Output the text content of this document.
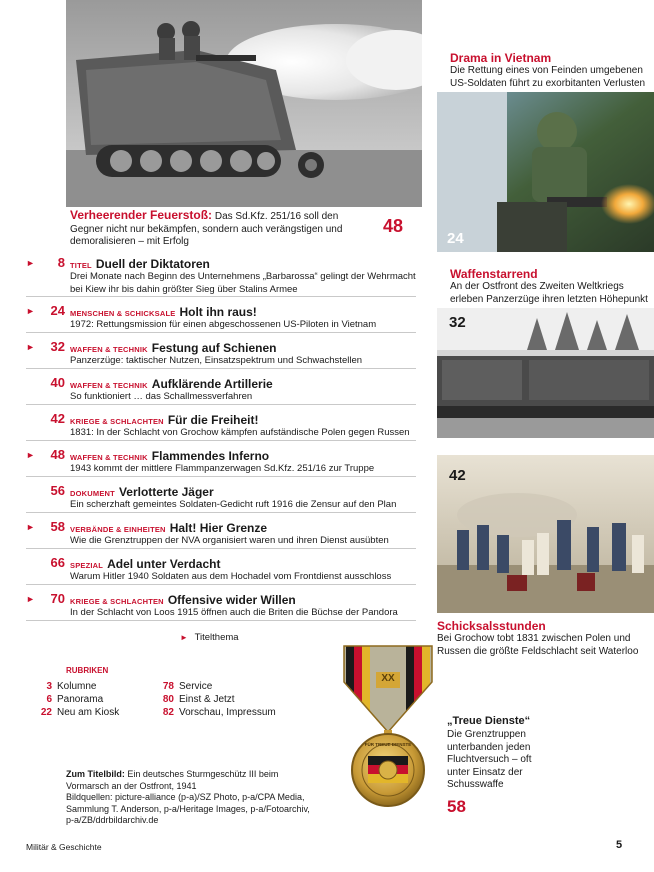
Verheerender Feuerstoß: Das Sd.Kfz. 251/16 soll den Gegner nicht nur bekämpfen, sondern auch verängstigen und demoralisieren – mit Erfolg
48
Drama in Vietnam
Die Rettung eines von Feinden umgebenen US-Soldaten führt zu exorbitanten Verlusten
24
Waffenstarrend
An der Ostfront des Zweiten Weltkriegs erleben Panzerzüge ihren letzten Höhepunkt
32
42
Schicksalsstunden
Bei Grochow tobt 1831 zwischen Polen und Russen die größte Feldschlacht seit Waterloo
XX
FÜR TREUE DIENSTE
„Treue Dienste“
Die Grenztruppen unterbanden jeden Fluchtversuch – oft unter Einsatz der Schusswaffe
58
►	8 TITEL Duell der Diktatoren
Drei Monate nach Beginn des Unternehmens „Barbarossa“ gelingt der Wehrmacht bei Kiew ihr bis dahin größter Sieg über Stalins Armee
►	24 MENSCHEN & SCHICKSALE Holt ihn raus!
1972: Rettungsmission für einen abgeschossenen US-Piloten in Vietnam
►	32 WAFFEN & TECHNIK Festung auf Schienen
Panzerzüge: taktischer Nutzen, Einsatzspektrum und Schwachstellen
40 WAFFEN & TECHNIK Aufklärende Artillerie
So funktioniert … das Schallmessverfahren
42 KRIEGE & SCHLACHTEN Für die Freiheit!
1831: In der Schlacht von Grochow kämpfen aufständische Polen gegen Russen
►	48 WAFFEN & TECHNIK Flammendes Inferno
1943 kommt der mittlere Flammpanzerwagen Sd.Kfz. 251/16 zur Truppe
56 DOKUMENT Verlotterte Jäger
Ein scherzhaft gemeintes Soldaten-Gedicht ruft 1916 die Zensur auf den Plan
►	58 VERBÄNDE & EINHEITEN Halt! Hier Grenze
Wie die Grenztruppen der NVA organisiert waren und ihren Dienst ausübten
66 SPEZIAL Adel unter Verdacht
Warum Hitler 1940 Soldaten aus dem Hochadel vom Frontdienst ausschloss
►	70 KRIEGE & SCHLACHTEN Offensive wider Willen
In der Schlacht von Loos 1915 öffnen auch die Briten die Büchse der Pandora
► Titelthema
RUBRIKEN
3 Kolumne
6 Panorama
22 Neu am Kiosk
78 Service
80 Einst & Jetzt
82 Vorschau, Impressum
Zum Titelbild: Ein deutsches Sturmgeschütz III beim Vormarsch an der Ostfront, 1941
Bildquellen: picture-alliance (p-a)/SZ Photo, p-a/CPA Media, Sammlung T. Anderson, p-a/Heritage Images, p-a/Fotoarchiv, p-a/ZB/ddrbildarchiv.de
Militär & Geschichte	5
